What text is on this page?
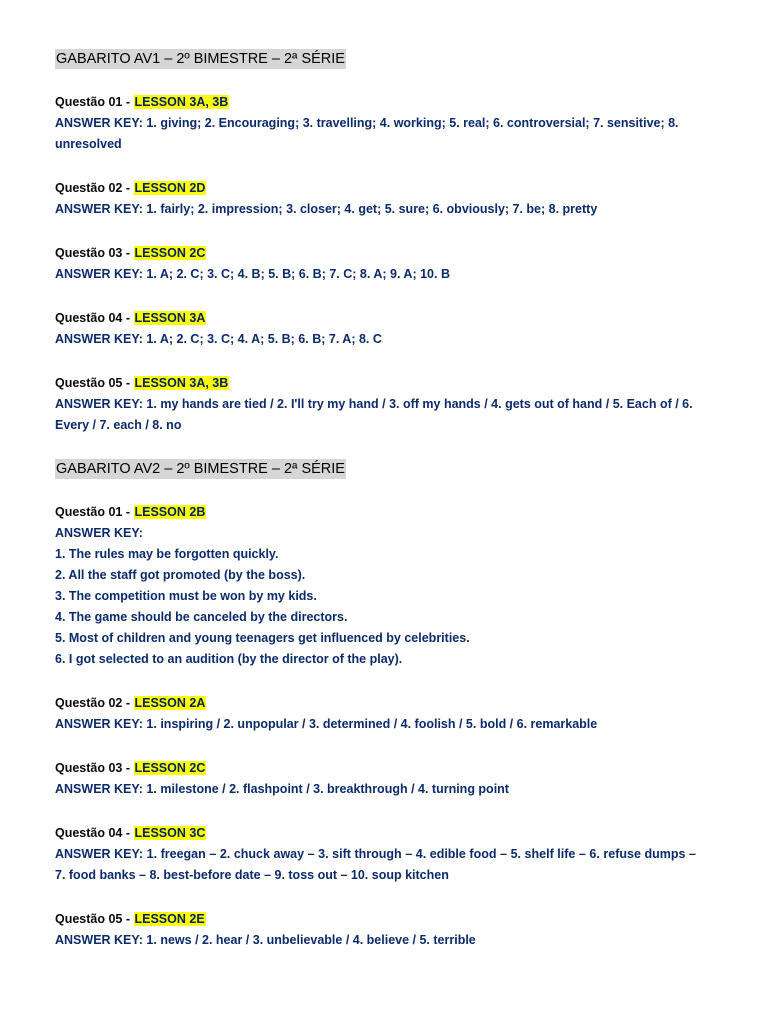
GABARITO AV1 – 2º BIMESTRE – 2ª SÉRIE
Questão 01 - LESSON 3A, 3B
ANSWER KEY: 1. giving; 2. Encouraging; 3. travelling; 4. working; 5. real; 6. controversial; 7. sensitive; 8. unresolved
Questão 02 - LESSON 2D
ANSWER KEY: 1. fairly; 2. impression; 3. closer; 4. get; 5. sure; 6. obviously; 7. be; 8. pretty
Questão 03 - LESSON 2C
ANSWER KEY: 1. A; 2. C; 3. C; 4. B; 5. B; 6. B; 7. C; 8. A; 9. A; 10. B
Questão 04 - LESSON 3A
ANSWER KEY: 1. A; 2. C; 3. C; 4. A; 5. B; 6. B; 7. A; 8. C
Questão 05 - LESSON 3A, 3B
ANSWER KEY: 1. my hands are tied / 2. I'll try my hand / 3. off my hands / 4. gets out of hand / 5. Each of / 6. Every / 7. each / 8. no
GABARITO AV2 – 2º BIMESTRE – 2ª SÉRIE
Questão 01 - LESSON 2B
ANSWER KEY:
1. The rules may be forgotten quickly.
2. All the staff got promoted (by the boss).
3. The competition must be won by my kids.
4. The game should be canceled by the directors.
5. Most of children and young teenagers get influenced by celebrities.
6. I got selected to an audition (by the director of the play).
Questão 02 - LESSON 2A
ANSWER KEY: 1. inspiring / 2. unpopular / 3. determined / 4. foolish / 5. bold / 6. remarkable
Questão 03 - LESSON 2C
ANSWER KEY: 1. milestone / 2. flashpoint / 3. breakthrough / 4. turning point
Questão 04 - LESSON 3C
ANSWER KEY: 1. freegan – 2. chuck away – 3. sift through – 4. edible food – 5. shelf life – 6. refuse dumps – 7. food banks – 8. best-before date – 9. toss out – 10. soup kitchen
Questão 05 - LESSON 2E
ANSWER KEY: 1. news / 2. hear / 3. unbelievable / 4. believe / 5. terrible
